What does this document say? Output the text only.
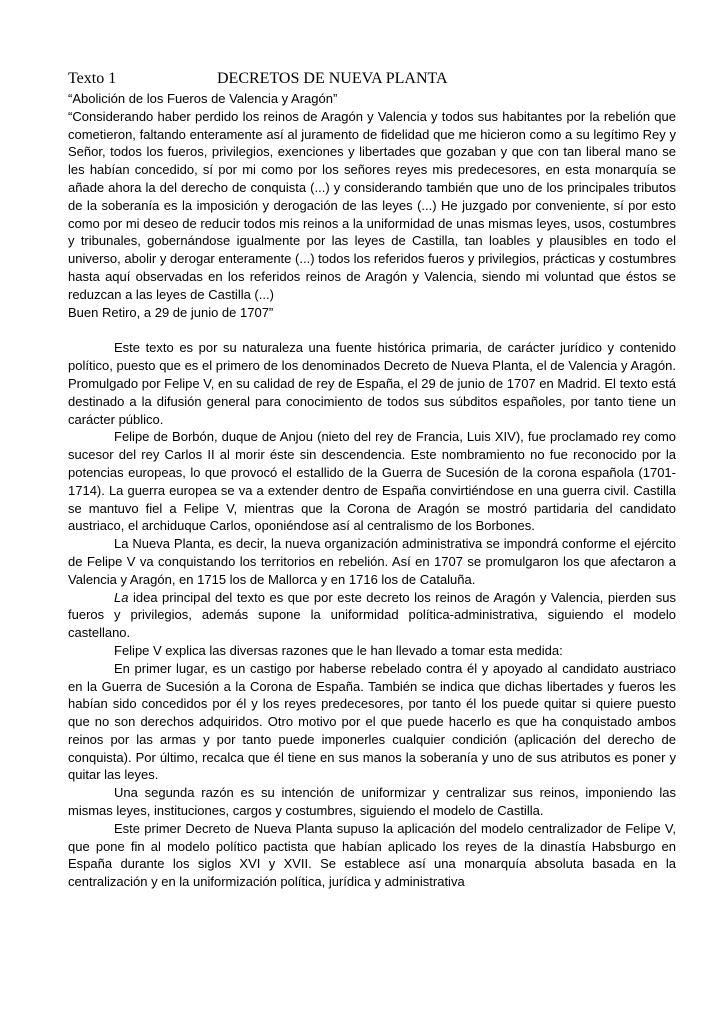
Texto 1	DECRETOS DE NUEVA PLANTA

“Abolición de los Fueros de Valencia y Aragón”

“Considerando haber perdido los reinos de Aragón y Valencia y todos sus habitantes por la rebelión que cometieron, faltando enteramente así al juramento de fidelidad que me hicieron como a su legítimo Rey y Señor, todos los fueros, privilegios, exenciones y libertades que gozaban y que con tan liberal mano se les habían concedido, sí por mi como por los señores reyes mis predecesores, en esta monarquía se añade ahora la del derecho de conquista (...) y considerando también que uno de los principales tributos de la soberanía es la imposición y derogación de las leyes (...) He juzgado por conveniente, sí por esto como por mi deseo de reducir todos mis reinos a la uniformidad de unas mismas leyes, usos, costumbres y tribunales, gobernándose igualmente por las leyes de Castilla, tan loables y plausibles en todo el universo, abolir y derogar enteramente (...) todos los referidos fueros y privilegios, prácticas y costumbres hasta aquí observadas en los referidos reinos de Aragón y Valencia, siendo mi voluntad que éstos se reduzcan a las leyes de Castilla (...)

Buen Retiro, a 29 de junio de 1707”

Este texto es por su naturaleza una fuente histórica primaria, de carácter jurídico y contenido político, puesto que es el primero de los denominados Decreto de Nueva Planta, el de Valencia y Aragón. Promulgado por Felipe V, en su calidad de rey de España, el 29 de junio de 1707 en Madrid. El texto está destinado a la difusión general para conocimiento de todos sus súbditos españoles, por tanto tiene un carácter público.

Felipe de Borbón, duque de Anjou (nieto del rey de Francia, Luis XIV), fue proclamado rey como sucesor del rey Carlos II al morir éste sin descendencia. Este nombramiento no fue reconocido por la potencias europeas, lo que provocó el estallido de la Guerra de Sucesión de la corona española (1701- 1714). La guerra europea se va a extender dentro de España convirtiéndose en una guerra civil. Castilla se mantuvo fiel a Felipe V, mientras que la Corona de Aragón se mostró partidaria del candidato austriaco, el archiduque Carlos, oponiéndose así al centralismo de los Borbones.

La Nueva Planta, es decir, la nueva organización administrativa se impondrá conforme el ejército de Felipe V va conquistando los territorios en rebelión. Así en 1707 se promulgaron los que afectaron a Valencia y Aragón, en 1715 los de Mallorca y en 1716 los de Cataluña.

La idea principal del texto es que por este decreto los reinos de Aragón y Valencia, pierden sus fueros y privilegios, además supone la uniformidad política-administrativa, siguiendo el modelo castellano.

Felipe V explica las diversas razones que le han llevado a tomar esta medida:

En primer lugar, es un castigo por haberse rebelado contra él y apoyado al candidato austriaco en la Guerra de Sucesión a la Corona de España. También se indica que dichas libertades y fueros les habían sido concedidos por él y los reyes predecesores, por tanto él los puede quitar si quiere puesto que no son derechos adquiridos. Otro motivo por el que puede hacerlo es que ha conquistado ambos reinos por las armas y por tanto puede imponerles cualquier condición (aplicación del derecho de conquista). Por último, recalca que él tiene en sus manos la soberanía y uno de sus atributos es poner y quitar las leyes.

Una segunda razón es su intención de uniformizar y centralizar sus reinos, imponiendo las mismas leyes, instituciones, cargos y costumbres, siguiendo el modelo de Castilla.

Este primer Decreto de Nueva Planta supuso la aplicación del modelo centralizador de Felipe V, que pone fin al modelo político pactista que habían aplicado los reyes de la dinastía Habsburgo en España durante los siglos XVI y XVII. Se establece así una monarquía absoluta basada en la centralización y en la uniformización política, jurídica y administrativa
